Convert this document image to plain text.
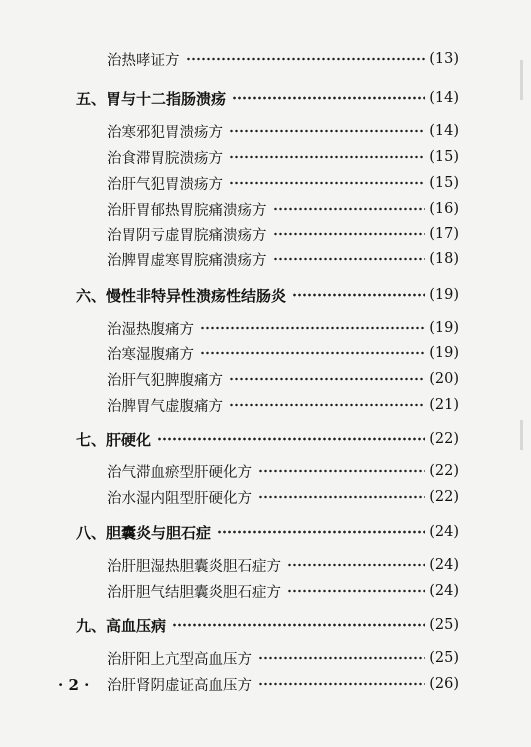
治热哮证方	(13)
五、 胃与十二指肠溃疡	(14)
治寒邪犯胃溃疡方	(14)
治食滞胃脘溃疡方	(15)
治肝气犯胃溃疡方	(15)
治肝胃郁热胃脘痛溃疡方	(16)
治胃阴亏虚胃脘痛溃疡方	(17)
治脾胃虚寒胃脘痛溃疡方	(18)
六、 慢性非特异性溃疡性结肠炎	(19)
治湿热腹痛方	(19)
治寒湿腹痛方	(19)
治肝气犯脾腹痛方	(20)
治脾胃气虚腹痛方	(21)
七、 肝硬化	(22)
治气滞血瘀型肝硬化方	(22)
治水湿内阻型肝硬化方	(22)
八、 胆囊炎与胆石症	(24)
治肝胆湿热胆囊炎胆石症方	(24)
治肝胆气结胆囊炎胆石症方	(24)
九、 高血压病	(25)
治肝阳上亢型高血压方	(25)
治肝肾阴虚证高血压方	(26)
· 2 ·
